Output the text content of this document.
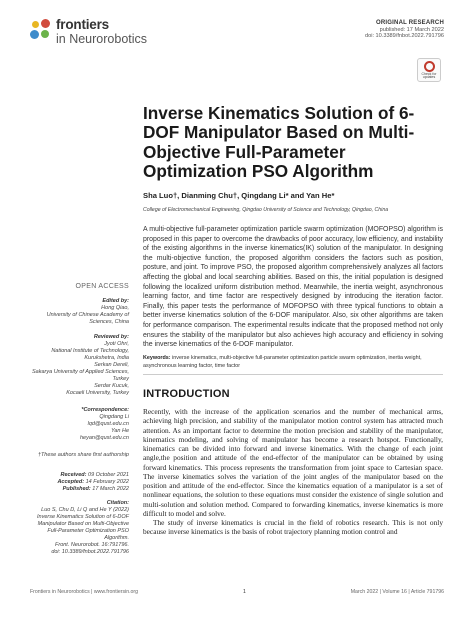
frontiers
in Neurorobotics
ORIGINAL RESEARCH
published: 17 March 2022
doi: 10.3389/fnbot.2022.791796
Check for updates
Inverse Kinematics Solution of 6-DOF Manipulator Based on Multi-Objective Full-Parameter Optimization PSO Algorithm
Sha Luo†, Dianming Chu†, Qingdang Li* and Yan He*
College of Electromechanical Engineering, Qingdao University of Science and Technology, Qingdao, China
A multi-objective full-parameter optimization particle swarm optimization (MOFOPSO) algorithm is proposed in this paper to overcome the drawbacks of poor accuracy, low efficiency, and instability of the existing algorithms in the inverse kinematics(IK) solution of the manipulator. In designing the multi-objective function, the proposed algorithm considers the factors such as position, posture, and joint. To improve PSO, the proposed algorithm comprehensively analyzes all factors affecting the global and local searching abilities. Based on this, the initial population is designed following the localized uniform distribution method. Meanwhile, the inertia weight, asynchronous learning factor, and time factor are respectively designed by introducing the iteration factor. Finally, this paper tests the performance of MOFOPSO with three typical functions to obtain a better inverse kinematics solution of the 6-DOF manipulator. Also, six other algorithms are taken for performance comparison. The experimental results indicate that the proposed method not only ensures the stability of the manipulator but also achieves high accuracy and efficiency in solving the inverse kinematics of the 6-DOF manipulator.
Keywords: inverse kinematics, multi-objective full-parameter optimization particle swarm optimization, inertia weight, asynchronous learning factor, time factor
OPEN ACCESS
Edited by:
Hong Qiao,
University of Chinese Academy of Sciences, China
Reviewed by:
Jyoti Ohri,
National Institute of Technology, Kurukshetra, India
Serkan Dereli,
Sakarya University of Applied Sciences, Turkey
Serdar Kucuk,
Kocaeli University, Turkey
*Correspondence:
Qingdang Li
lqd@qust.edu.cn
Yan He
heyan@qust.edu.cn
†These authors share first authorship
Received: 09 October 2021
Accepted: 14 February 2022
Published: 17 March 2022
Citation:
Luo S, Chu D, Li Q and He Y (2022) Inverse Kinematics Solution of 6-DOF Manipulator Based on Multi-Objective Full-Parameter Optimization PSO Algorithm.
Front. Neurorobot. 16:791796.
doi: 10.3389/fnbot.2022.791796
INTRODUCTION

Recently, with the increase of the application scenarios and the number of mechanical arms, achieving high precision, and stability of the manipulator motion control system has attracted much attention. As an important factor to determine the motion precision and stability of the manipulator, kinematics modeling, and solving of manipulator has become a research hotspot. Functionally, kinematics can be divided into forward and inverse kinematics. With the change of each joint angle,the position and attitude of the end-effector of the manipulator can be obtained by using forward kinematics. This process represents the transformation from joint space to Cartesian space. The inverse kinematics solves the variation of the joint angles of the manipulator based on the position and attitude of the end-effector. Since the kinematics equation of a manipulator is a set of nonlinear equations, the solution to these equations must consider the existence of single solution and multi-solution and solution method. Compared to forwarding kinematics, inverse kinematics is more difficult to model and solve.

The study of inverse kinematics is crucial in the field of robotics research. This is not only because inverse kinematics is the basis of robot trajectory planning motion control and

Frontiers in Neurorobotics | www.frontiersin.org	1	March 2022 | Volume 16 | Article 791796
